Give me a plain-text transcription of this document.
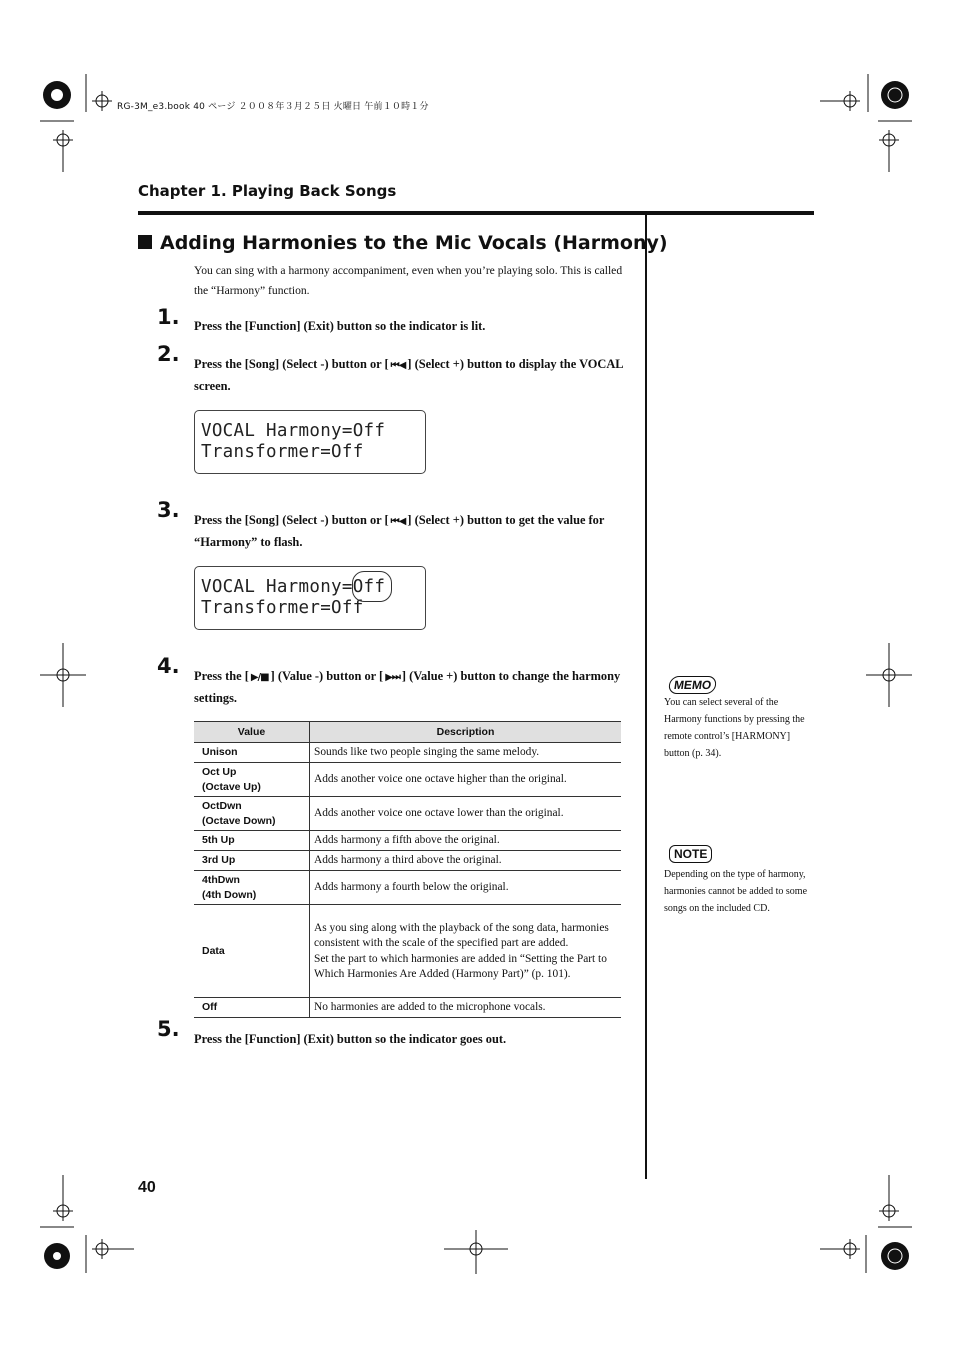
RG-3M_e3.book 40 ページ ２００８年３月２５日 火曜日 午前１０時１分
Chapter 1. Playing Back Songs
Adding Harmonies to the Mic Vocals (Harmony)
You can sing with a harmony accompaniment, even when you’re playing solo. This is called the “Harmony” function.
1. Press the [Function] (Exit) button so the indicator is lit.
2. Press the [Song] (Select -) button or [ ⏮◀ ] (Select +) button to display the VOCAL screen.
VOCAL Harmony=Off
Transformer=Off
3. Press the [Song] (Select -) button or [ ⏮◀ ] (Select +) button to get the value for “Harmony” to flash.
VOCAL Harmony=Off
Transformer=Off
4. Press the [ ▶/■ ] (Value -) button or [ ▶⏭ ] (Value +) button to change the harmony settings.
Value	Description
Unison	Sounds like two people singing the same melody.

Oct Up
(Octave Up)	Adds another voice one octave higher than the original.

OctDwn
(Octave Down)	Adds another voice one octave lower than the original.
5th Up	Adds harmony a fifth above the original.
3rd Up	Adds harmony a third above the original.

4thDwn
(4th Down)	Adds harmony a fourth below the original.
Data	As you sing along with the playback of the song data, harmonies consistent with the scale of the specified part are added.
Set the part to which harmonies are added in “Setting the Part to Which Harmonies Are Added (Harmony Part)” (p. 101).

Off	No harmonies are added to the microphone vocals.
5. Press the [Function] (Exit) button so the indicator goes out.
MEMO
You can select several of the Harmony functions by pressing the remote control’s [HARMONY] button (p. 34).
NOTE
Depending on the type of harmony, harmonies cannot be added to some songs on the included CD.
40
